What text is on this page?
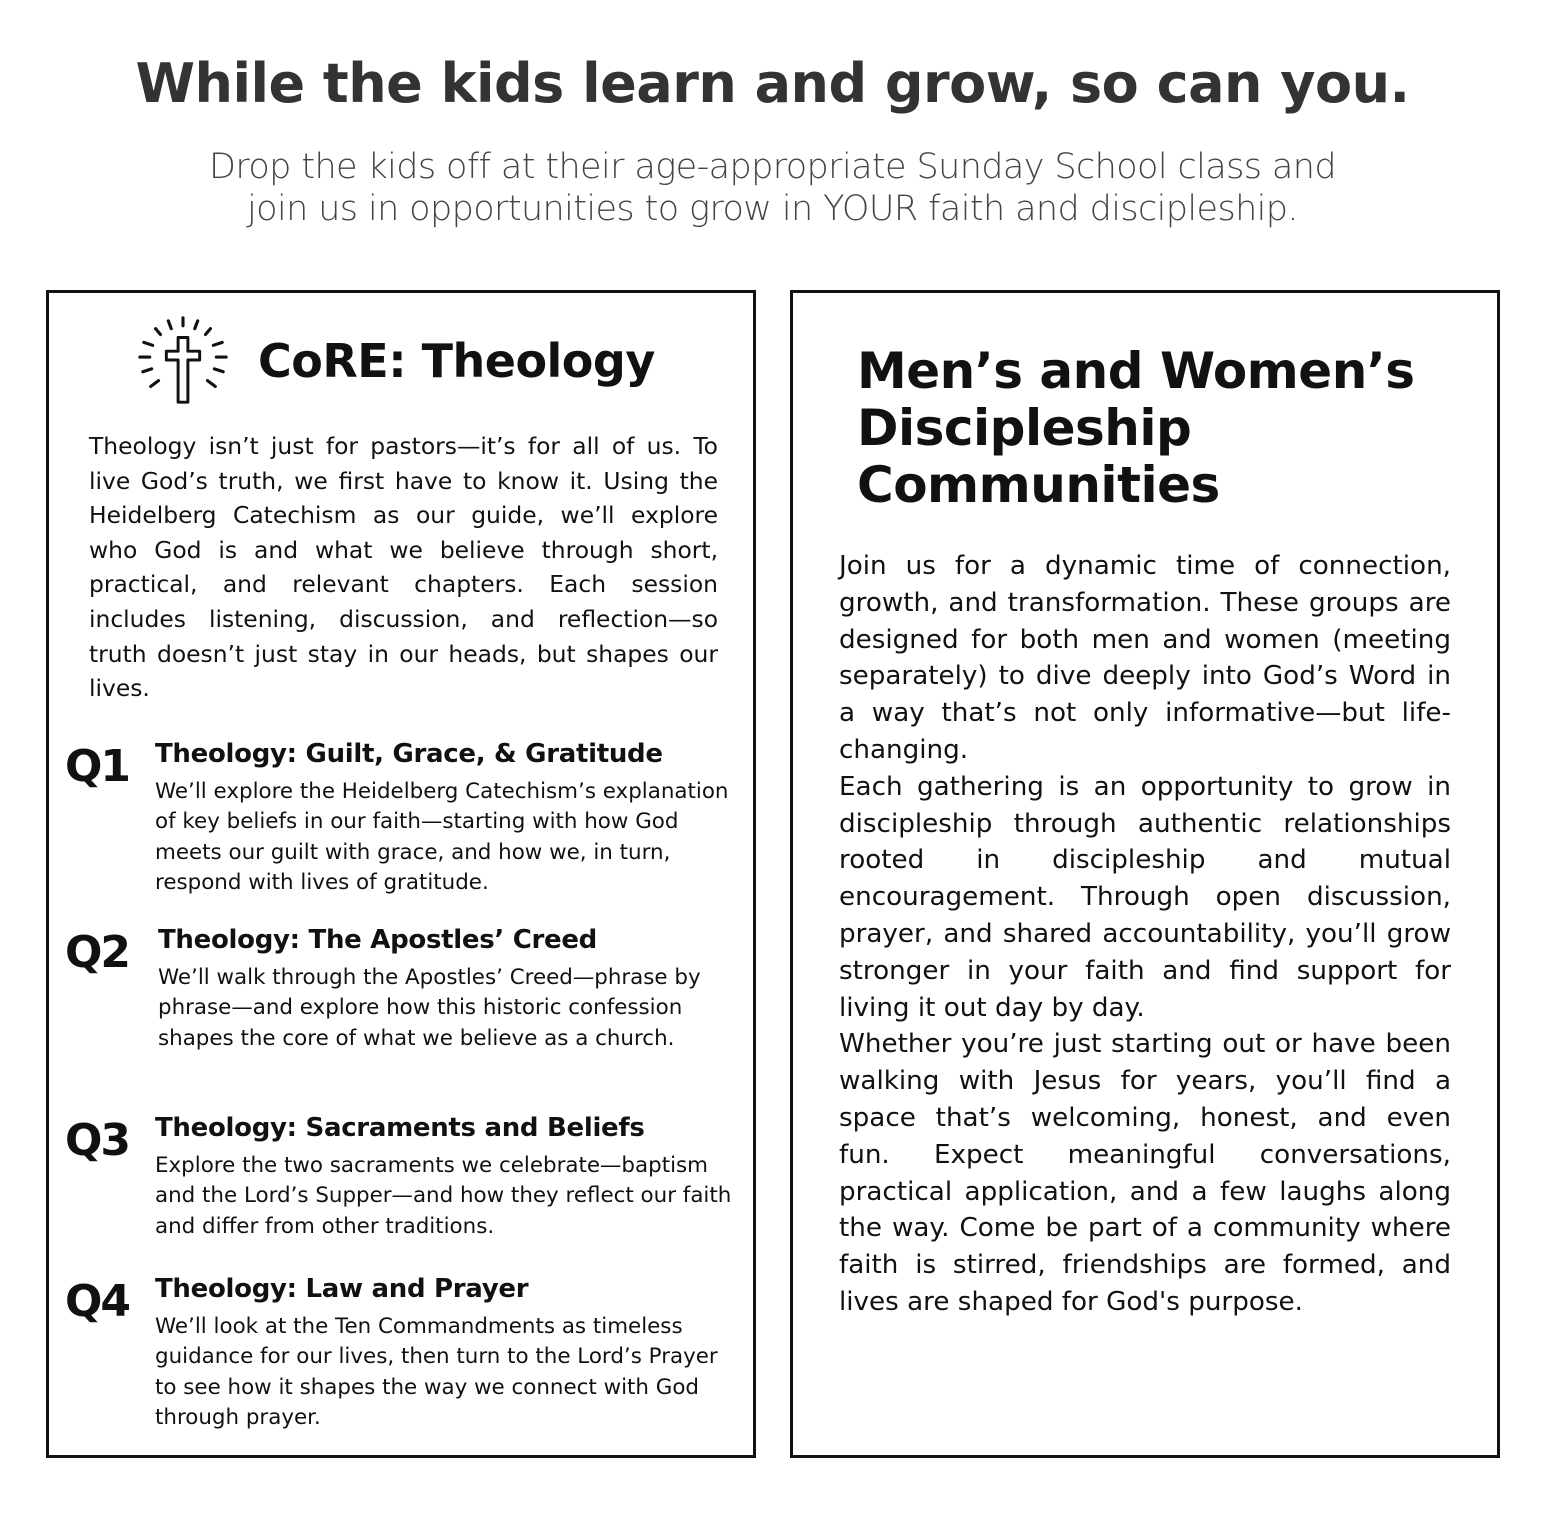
While the kids learn and grow, so can you.

Drop the kids off at their age-appropriate Sunday School class and
join us in opportunities to grow in YOUR faith and discipleship.

CoRE: Theology

Theology isn’t just for pastors—it’s for all of us. To live God’s truth, we first have to know it. Using the Heidelberg Catechism as our guide, we’ll explore who God is and what we believe through short, practical, and relevant chapters. Each session includes listening, discussion, and reflection—so truth doesn’t just stay in our heads, but shapes our lives.

Q1 Theology: Guilt, Grace, & Gratitude

We’ll explore the Heidelberg Catechism’s explanation of key beliefs in our faith—starting with how God meets our guilt with grace, and how we, in turn, respond with lives of gratitude.

Q2 Theology: The Apostles’ Creed

We’ll walk through the Apostles’ Creed—phrase by phrase—and explore how this historic confession shapes the core of what we believe as a church.

Q3 Theology: Sacraments and Beliefs

Explore the two sacraments we celebrate—baptism and the Lord’s Supper—and how they reflect our faith and differ from other traditions.

Q4 Theology: Law and Prayer

We’ll look at the Ten Commandments as timeless guidance for our lives, then turn to the Lord’s Prayer to see how it shapes the way we connect with God through prayer.

Men’s and Women’s
Discipleship
Communities

Join us for a dynamic time of connection, growth, and transformation. These groups are designed for both men and women (meeting separately) to dive deeply into God’s Word in a way that’s not only informative—but life-changing.

Each gathering is an opportunity to grow in discipleship through authentic relationships rooted in discipleship and mutual encouragement. Through open discussion, prayer, and shared accountability, you’ll grow stronger in your faith and find support for living it out day by day.

Whether you’re just starting out or have been walking with Jesus for years, you’ll find a space that’s welcoming, honest, and even fun. Expect meaningful conversations, practical application, and a few laughs along the way. Come be part of a community where faith is stirred, friendships are formed, and lives are shaped for God's purpose.
